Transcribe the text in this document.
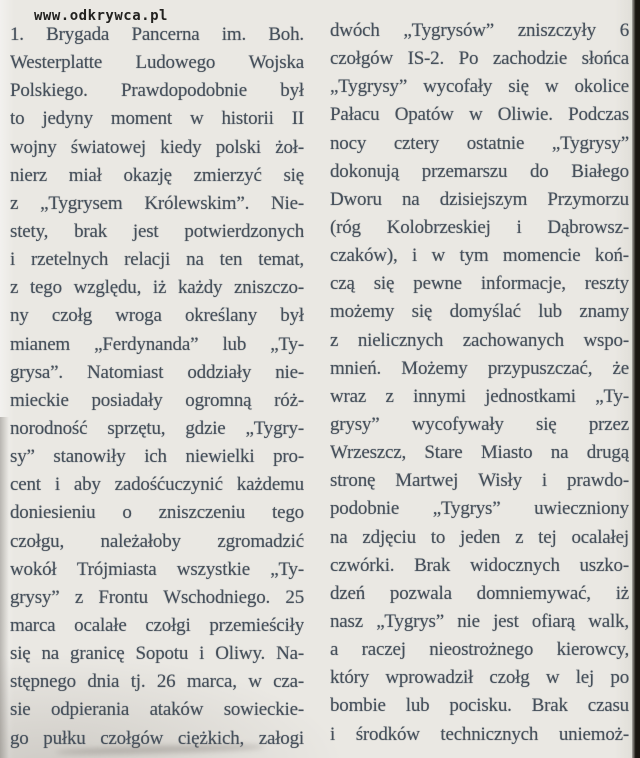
www.odkrywca.pl
1. Brygada Pancerna im. Boh.
Westerplatte Ludowego Wojska
Polskiego. Prawdopodobnie był
to jedyny moment w historii II
wojny światowej kiedy polski żoł-
nierz miał okazję zmierzyć się
z „Tygrysem Królewskim”. Nie-
stety, brak jest potwierdzonych
i rzetelnych relacji na ten temat,
z tego względu, iż każdy zniszczo-
ny czołg wroga określany był
mianem „Ferdynanda” lub „Ty-
grysa”. Natomiast oddziały nie-
mieckie posiadały ogromną róż-
norodność sprzętu, gdzie „Tygry-
sy” stanowiły ich niewielki pro-
cent i aby zadośćuczynić każdemu
doniesieniu o zniszczeniu tego
czołgu, należałoby zgromadzić
wokół Trójmiasta wszystkie „Ty-
grysy” z Frontu Wschodniego. 25
marca ocalałe czołgi przemieściły
się na granicę Sopotu i Oliwy. Na-
stępnego dnia tj. 26 marca, w cza-
sie odpierania ataków sowieckie-
go pułku czołgów ciężkich, załogi
dwóch „Tygrysów” zniszczyły 6
czołgów IS-2. Po zachodzie słońca
„Tygrysy” wycofały się w okolice
Pałacu Opatów w Oliwie. Podczas
nocy cztery ostatnie „Tygrysy”
dokonują przemarszu do Białego
Dworu na dzisiejszym Przymorzu
(róg Kolobrzeskiej i Dąbrowsz-
czaków), i w tym momencie koń-
czą się pewne informacje, reszty
możemy się domyślać lub znamy
z nielicznych zachowanych wspo-
mnień. Możemy przypuszczać, że
wraz z innymi jednostkami „Ty-
grysy” wycofywały się przez
Wrzeszcz, Stare Miasto na drugą
stronę Martwej Wisły i prawdo-
podobnie „Tygrys” uwieczniony
na zdjęciu to jeden z tej ocalałej
czwórki. Brak widocznych uszko-
dzeń pozwala domniemywać, iż
nasz „Tygrys” nie jest ofiarą walk,
a raczej nieostrożnego kierowcy,
który wprowadził czołg w lej po
bombie lub pocisku. Brak czasu
i środków technicznych uniemoż-
